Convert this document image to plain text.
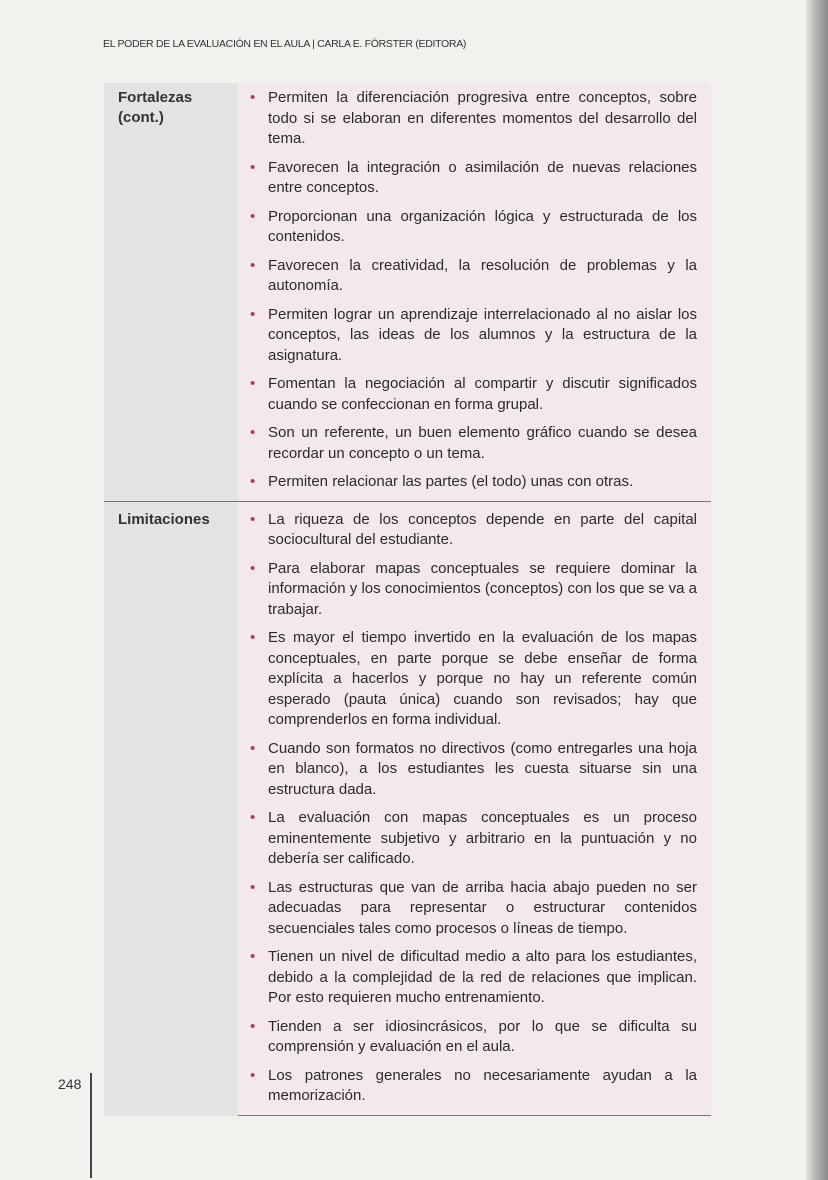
EL PODER DE LA EVALUACIÓN EN EL AULA | CARLA E. FÖRSTER (EDITORA)
Fortalezas (cont.)
• Permiten la diferenciación progresiva entre conceptos, sobre todo si se elaboran en diferentes momentos del desarrollo del tema.
• Favorecen la integración o asimilación de nuevas relaciones entre conceptos.
• Proporcionan una organización lógica y estructurada de los contenidos.
• Favorecen la creatividad, la resolución de problemas y la autonomía.
• Permiten lograr un aprendizaje interrelacionado al no aislar los conceptos, las ideas de los alumnos y la estructura de la asignatura.
• Fomentan la negociación al compartir y discutir significados cuando se confeccionan en forma grupal.
• Son un referente, un buen elemento gráfico cuando se desea recordar un concepto o un tema.
• Permiten relacionar las partes (el todo) unas con otras.
Limitaciones	• La riqueza de los conceptos depende en parte del capital sociocultural del estudiante.
• Para elaborar mapas conceptuales se requiere dominar la información y los conocimientos (conceptos) con los que se va a trabajar.
• Es mayor el tiempo invertido en la evaluación de los mapas conceptuales, en parte porque se debe enseñar de forma explícita a hacerlos y porque no hay un referente común esperado (pauta única) cuando son revisados; hay que comprenderlos en forma individual.
• Cuando son formatos no directivos (como entregarles una hoja en blanco), a los estudiantes les cuesta situarse sin una estructura dada.
• La evaluación con mapas conceptuales es un proceso eminentemente subjetivo y arbitrario en la puntuación y no debería ser calificado.
• Las estructuras que van de arriba hacia abajo pueden no ser adecuadas para representar o estructurar contenidos secuenciales tales como procesos o líneas de tiempo.
• Tienen un nivel de dificultad medio a alto para los estudiantes, debido a la complejidad de la red de relaciones que implican. Por esto requieren mucho entrenamiento.
• Tienden a ser idiosincrásicos, por lo que se dificulta su comprensión y evaluación en el aula.
• Los patrones generales no necesariamente ayudan a la memorización.
248
